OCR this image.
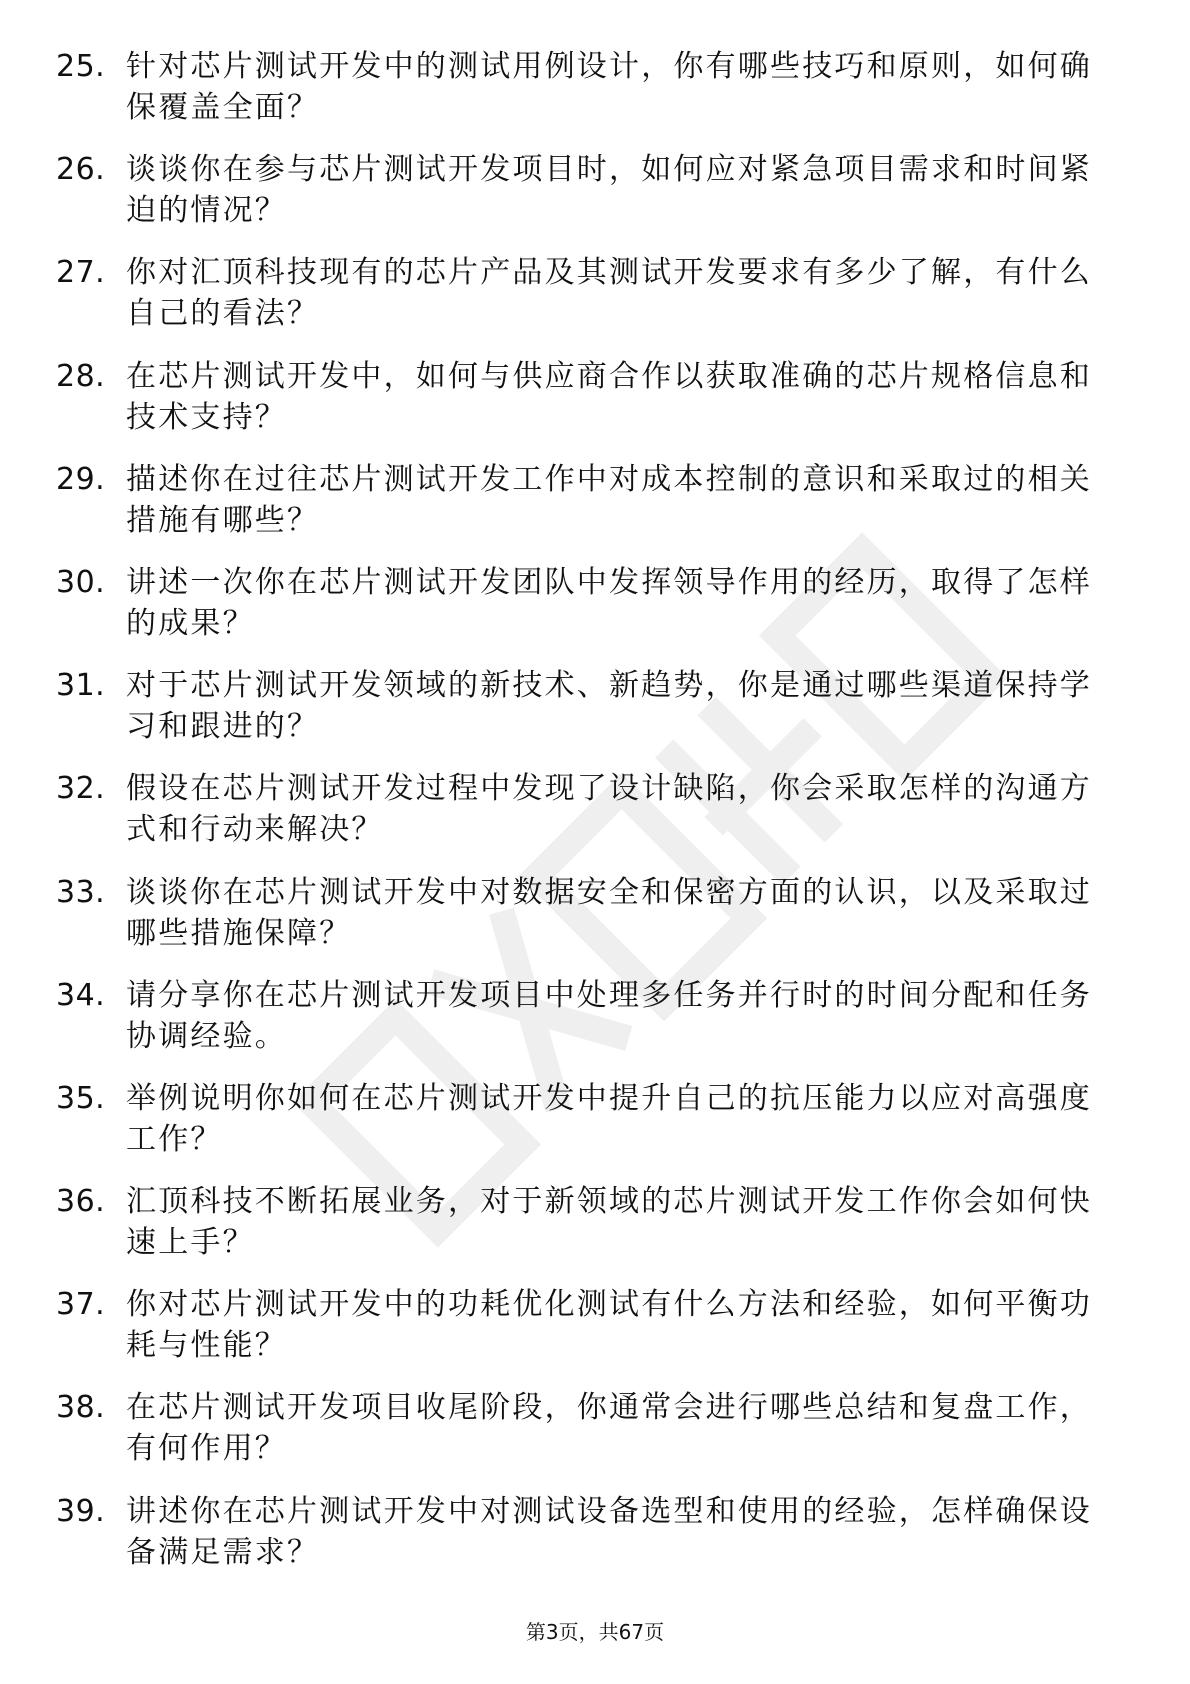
25. 针对芯片测试开发中的测试用例设计，你有哪些技巧和原则，如何确保覆盖全面？
26. 谈谈你在参与芯片测试开发项目时，如何应对紧急项目需求和时间紧迫的情况？
27. 你对汇顶科技现有的芯片产品及其测试开发要求有多少了解，有什么自己的看法？
28. 在芯片测试开发中，如何与供应商合作以获取准确的芯片规格信息和技术支持？
29. 描述你在过往芯片测试开发工作中对成本控制的意识和采取过的相关措施有哪些？
30. 讲述一次你在芯片测试开发团队中发挥领导作用的经历，取得了怎样的成果？
31. 对于芯片测试开发领域的新技术、新趋势，你是通过哪些渠道保持学习和跟进的？
32. 假设在芯片测试开发过程中发现了设计缺陷，你会采取怎样的沟通方式和行动来解决？
33. 谈谈你在芯片测试开发中对数据安全和保密方面的认识，以及采取过哪些措施保障？
34. 请分享你在芯片测试开发项目中处理多任务并行时的时间分配和任务协调经验。
35. 举例说明你如何在芯片测试开发中提升自己的抗压能力以应对高强度工作？
36. 汇顶科技不断拓展业务，对于新领域的芯片测试开发工作你会如何快速上手？
37. 你对芯片测试开发中的功耗优化测试有什么方法和经验，如何平衡功耗与性能？
38. 在芯片测试开发项目收尾阶段，你通常会进行哪些总结和复盘工作，有何作用？
39. 讲述你在芯片测试开发中对测试设备选型和使用的经验，怎样确保设备满足需求？
第3页，共67页
